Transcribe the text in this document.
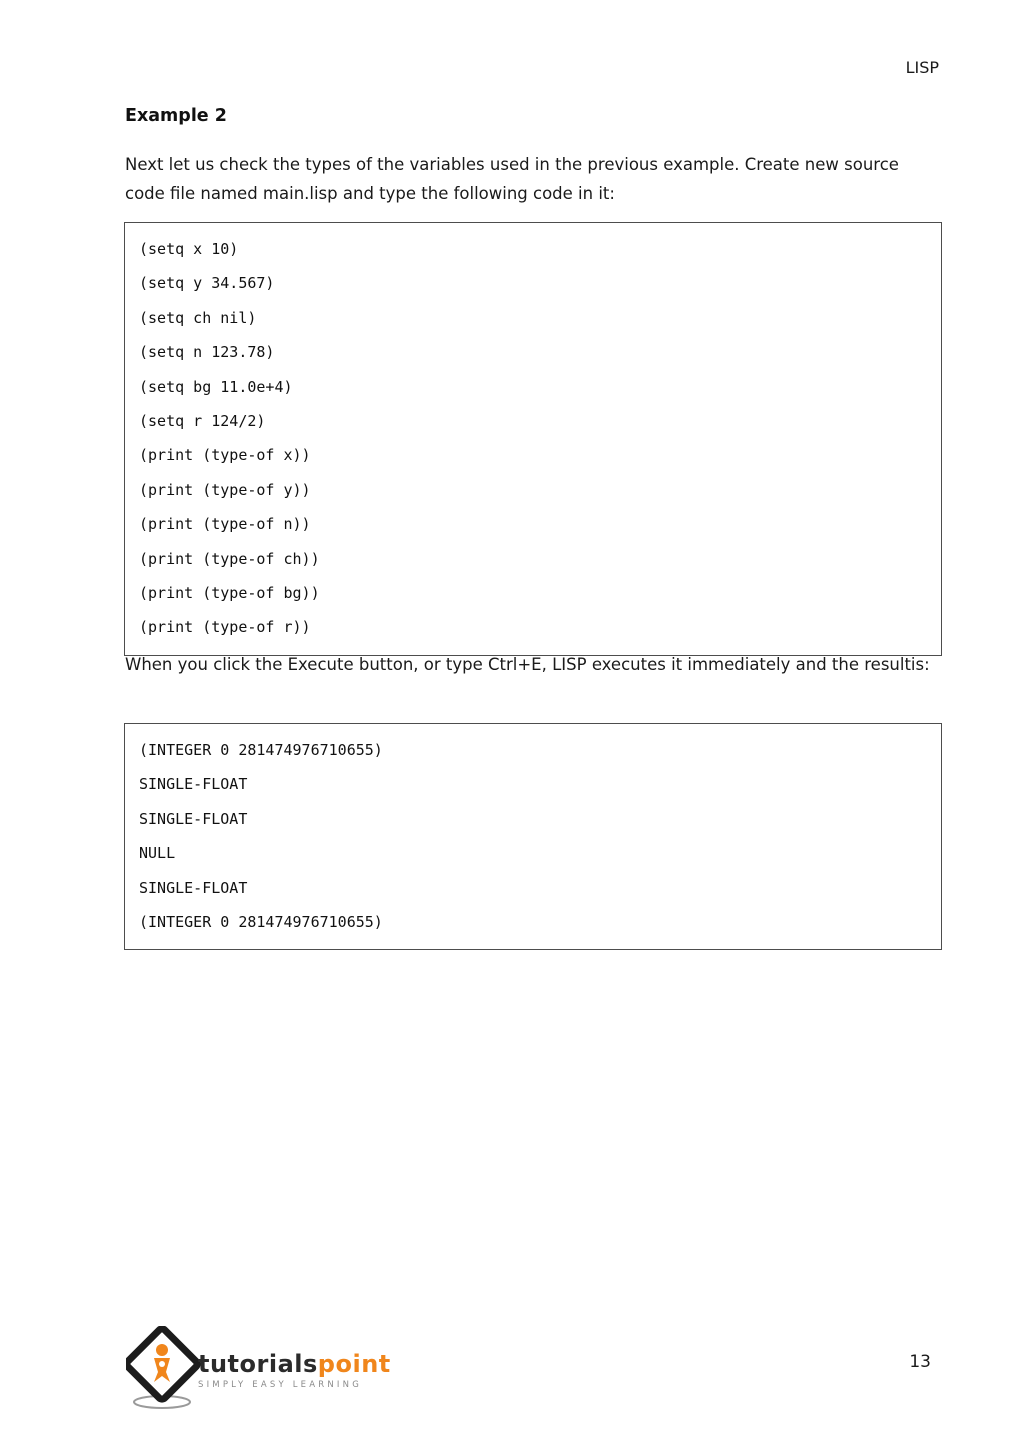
LISP
Example 2
Next let us check the types of the variables used in the previous example. Create new source code file named main.lisp and type the following code in it:
(setq x 10)
(setq y 34.567)
(setq ch nil)
(setq n 123.78)
(setq bg 11.0e+4)
(setq r 124/2)
(print (type-of x))
(print (type-of y))
(print (type-of n))
(print (type-of ch))
(print (type-of bg))
(print (type-of r))
When you click the Execute button, or type Ctrl+E, LISP executes it immediately and the resultis:
(INTEGER 0 281474976710655)
SINGLE-FLOAT
SINGLE-FLOAT
NULL
SINGLE-FLOAT
(INTEGER 0 281474976710655)
tutorialspoint
SIMPLY EASY LEARNING
13
